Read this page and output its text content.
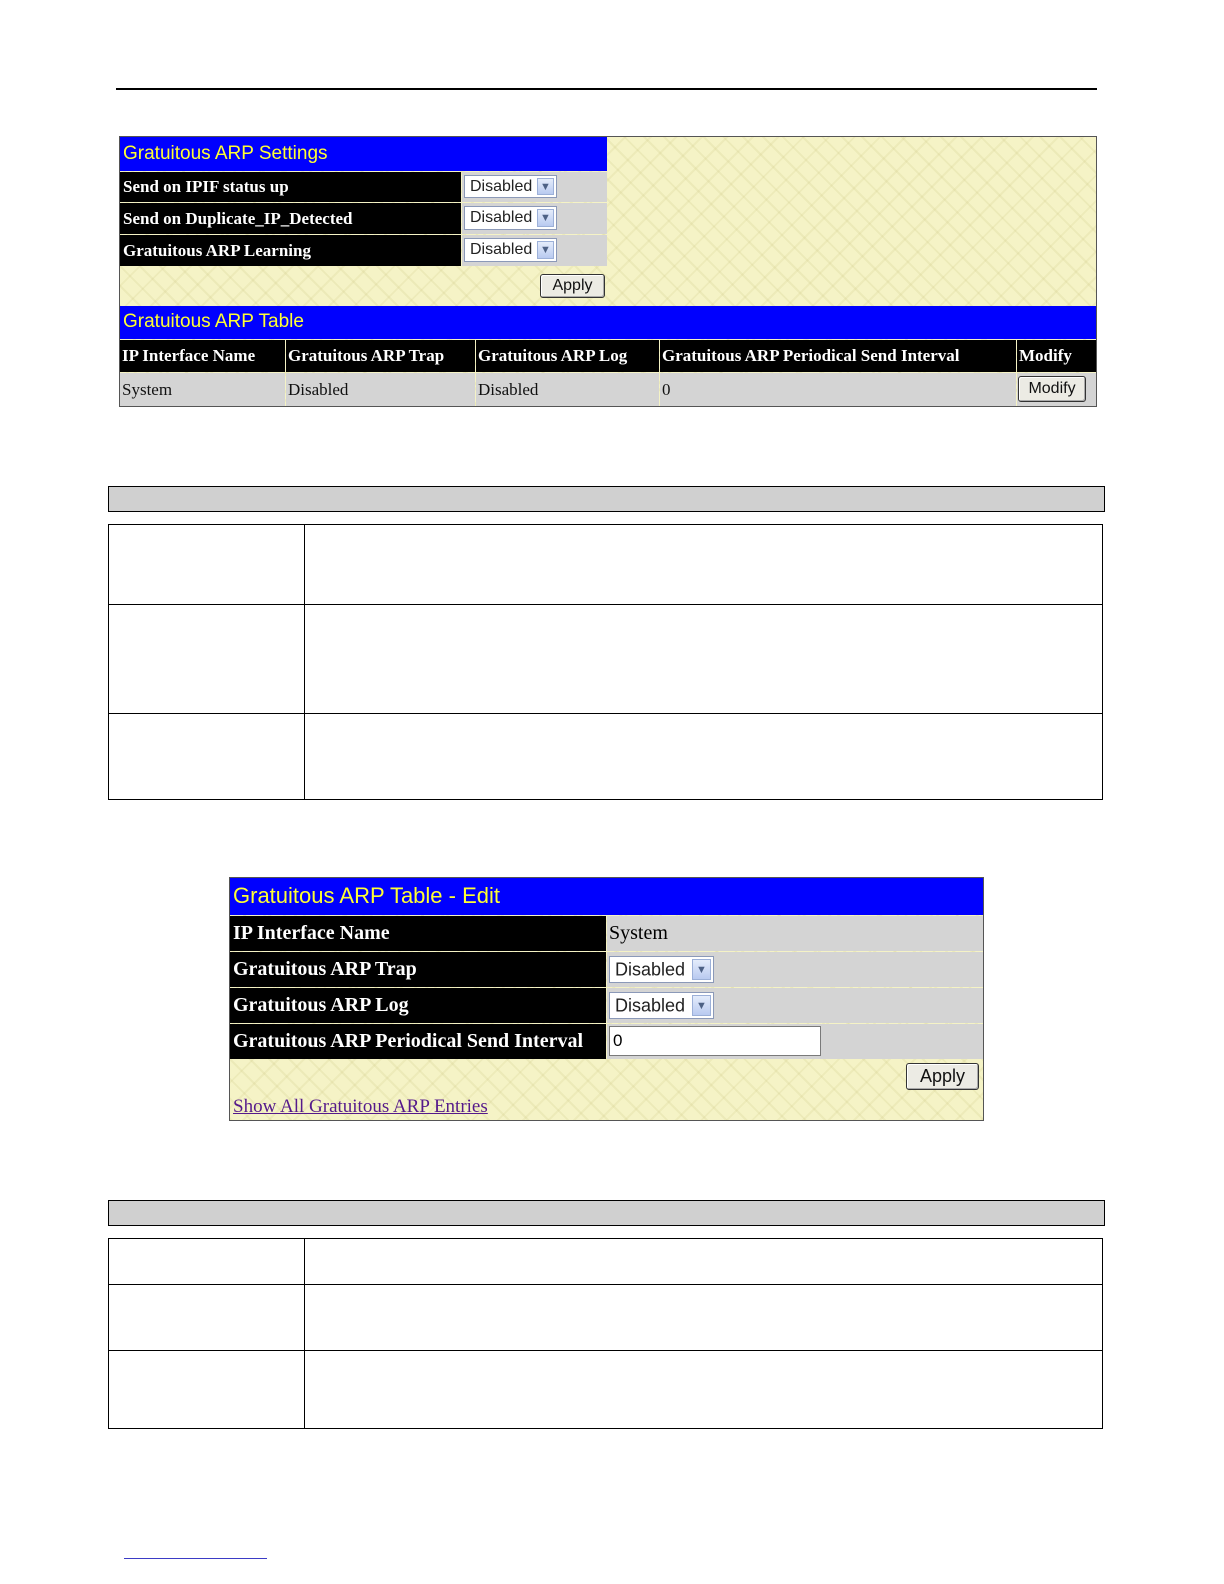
Gratuitous ARP Settings
Send on IPIF status up	Disabled ▼
Send on Duplicate_IP_Detected	Disabled ▼
Gratuitous ARP Learning	Disabled ▼
Apply
Gratuitous ARP Table
IP Interface Name	Gratuitous ARP Trap	Gratuitous ARP Log	Gratuitous ARP Periodical Send Interval	Modify
System	Disabled	Disabled	0	Modify
Gratuitous ARP Table - Edit
IP Interface Name	System
Gratuitous ARP Trap	Disabled	▼
Gratuitous ARP Log	Disabled	▼
Gratuitous ARP Periodical Send Interval	0
Apply
Show All Gratuitous ARP Entries
